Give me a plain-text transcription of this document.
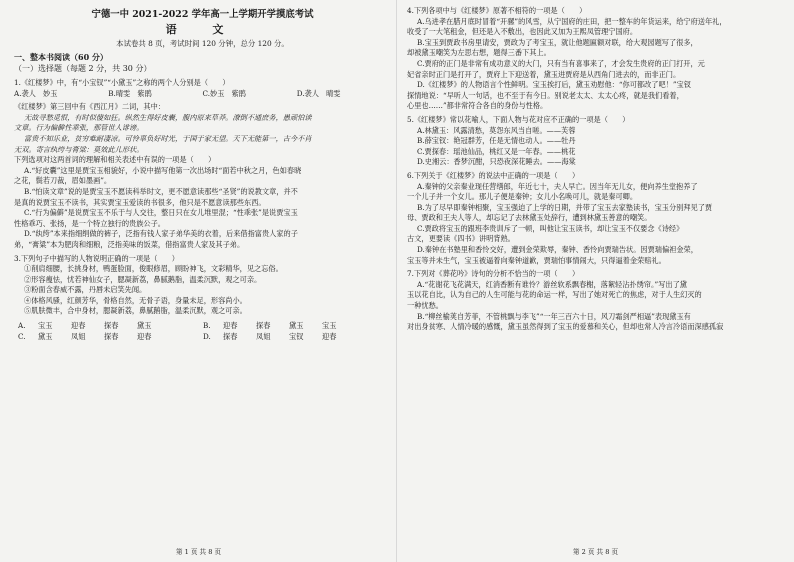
宁德一中 2021-2022 学年高一上学期开学摸底考试
语 文
本试卷共 8 页，考试时间 120 分钟，总分 120 分。
一、整本书阅读（60 分）
（一）选择题（每题 2 分，共 30 分）
1.《红楼梦》中，有“小宝钗”“小黛玉”之称的两个人分别是（　　）
A.袭人　妙玉	B.晴雯　紫鹃	C.妙玉　紫鹃	D.袭人　晴雯
《红楼梦》第三回中有《西江月》二词，其中：
无故寻愁觅恨，有时似傻如狂。纵然生得好皮囊，腹内原来草莽。潦倒不通庶务，愚顽怕读
文章。行为偏僻性乖张，那管世人诽谤。
富贵不知乐业，贫穷难耐凄凉。可怜辜负好时光，于国于家无望。天下无能第一，古今不肖
无双。寄言纨绔与膏粱：莫效此儿形状。
下列选项对这两首词的理解和相关表述中有误的一项是（　　）
A.“好皮囊”这里是贾宝玉相貌好，小说中描写他第一次出场时“面若中秋之月，色如春晓
之花，鬓若刀裁，眉如墨画”。
B.“怕读文章”说的是贾宝玉不愿读科举时文，更不愿意读那些“圣贤”的说教文章，并不
是真的说贾宝玉不读书，其实贾宝玉爱读的书很多，他只是不愿意读那些东西。
C.“行为偏僻”是说贾宝玉不乐于与人交往，整日只在女儿堆里混；“性乖张”是说贾宝玉
性格乖巧、张扬，是一个特立独行的贵族公子。
D.“纨绔”本来指细绢做的裤子，泛指有钱人家子弟华美的衣着，后来借指富贵人家的子
弟，“膏粱”本为肥肉和细粮，泛指美味的饭菜，借指富贵人家及其子弟。
3.下列句子中描写的人物说明正确的一项是（　　）
①削肩细腰，长挑身材，鸭蛋脸面，俊眼修眉，顾盼神飞，文彩精华，见之忘俗。
②形容瘦怯，忧若神仙女子，腮凝新荔，鼻腻鹅脂，温柔沉默，观之可亲。
③粉面含春威不露，丹唇未启笑先闻。
④体格风骚，红颜芳华，骨格自然，无骨子语，身量未足，形容尚小。
⑤肌肤微丰，合中身材，腮凝新荔，鼻腻鹅脂，温柔沉默，观之可亲。
A.	宝玉	迎春	探春	黛玉	B.	迎春	探春	黛玉	宝玉
C.	黛玉	凤姐	探春	迎春	D.	探春	凤姐	宝钗	迎春
第 1 页 共 8 页
4.下列各项中与《红楼梦》原著不相符的一项是（　　）
A.乌进孝在腊月底时冒着“开骡”的风雪，从宁国府的庄田，把一整车的年货运来，给宁府送年礼，
收受了一大笔租金，但还是入不敷出，也因此又加为王熙凤管理宁国府。
B.宝玉到贾政书房里请安，贾政为了考宝玉，就让他题匾额对联，给大观园题写了很多，
却被黛玉嘲笑为左思右想，题得三番下其上。
C.贾府的正门是非常有成功意义的大门，只有当有喜事来了，才会发生贵府的正门打开，元
妃省亲时正门是打开了，贾府上下迎送着，黛玉进贾府是从西角门进去的，而非正门。
D.《红楼梦》的人物语言个性鲜明。宝玉挨打后，黛玉劝慰他：“你可都改了吧！”宝钗
探情地说：“早听人一句话，也不至于有今日。别说老太太、太太心疼，就是我们看着，
心里也……”都非常符合各自的身份与性格。
5.《红楼梦》常以花喻人，下面人物与花对应不正确的一项是（　　）
A.林黛玉：风露清愁，莫怨东风当自嗟。——芙蓉
B.薛宝钗：艳冠群芳，任是无情也动人。——牡丹
C.贾探春：瑶池仙品，桃红又是一年春。——桃花
D.史湘云：香梦沉酣，只恐夜深花睡去。——海棠
6.下列关于《红楼梦》的说法中正确的一项是（　　）
A.秦钟的父亲秦业现任营缮郎，年近七十，夫人早亡。因当年无儿女，便向养生堂抱养了
一个儿子并一个女儿。那儿子便是秦钟；女儿小名唤可儿，就是秦可卿。
B.为了尽早即秦钟相聚，宝玉强迫了上学的日期，并带了宝玉去家塾读书，宝玉分别拜见了贾
母、贾政和王夫人等人，却忘记了去林黛玉处辞行，遭到林黛玉善意的嘲笑。
C.贾政将宝玉的跟班李贵训斥了一顿，叫他让宝玉读书，却让宝玉不仅要念《诗经》
古文，更要读《四书》讲明背熟。
D.秦钟在书塾里和香怜交好，遭到金荣欺辱，秦钟、香怜向贾瑞告状。因贾瑞偏袒金荣，
宝玉等并未生气，宝玉被逼着向秦钟道歉，贾瑞怕事情闹大，只得逼着金荣赔礼。
7.下列对《葬花吟》诗句的分析不恰当的一项（　　）
A.“花谢花飞花满天，红消香断有谁怜？游丝软系飘春榭，落絮轻沾扑绣帘。”写出了黛
玉以花自比，认为自己的人生可能与花的命运一样，写出了她对死亡的焦虑，对于人生幻灭的
一种忧愁。
B.“柳丝榆荚自芳菲，不管桃飘与李飞”“一年三百六十日，风刀霜剑严相逼”表现黛玉有
对出身贫寒、人情冷暖的感慨，黛玉虽然得到了宝玉的爱慕和关心，但却也常人冷言冷语而深感孤寂
第 2 页 共 8 页
